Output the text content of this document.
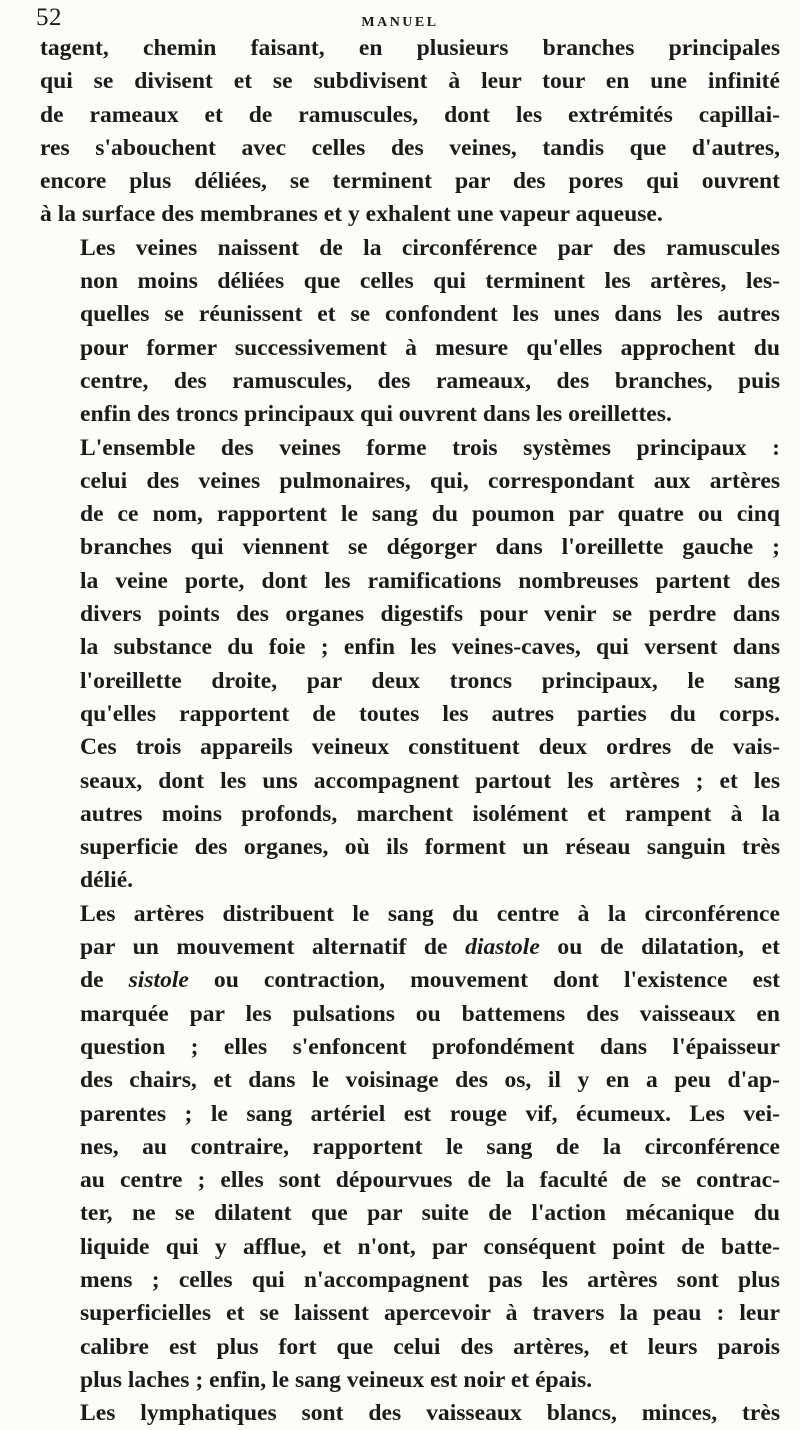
52	MANUEL

tagent, chemin faisant, en plusieurs branches principales
qui se divisent et se subdivisent à leur tour en une infinité
de rameaux et de ramuscules, dont les extrémités capillai-
res s'abouchent avec celles des veines, tandis que d'autres,
encore plus déliées, se terminent par des pores qui ouvrent
à la surface des membranes et y exhalent une vapeur aqueuse.

Les veines naissent de la circonférence par des ramuscules
non moins déliées que celles qui terminent les artères, les-
quelles se réunissent et se confondent les unes dans les autres
pour former successivement à mesure qu'elles approchent du
centre, des ramuscules, des rameaux, des branches, puis
enfin des troncs principaux qui ouvrent dans les oreillettes.

L'ensemble des veines forme trois systèmes principaux :
celui des veines pulmonaires, qui, correspondant aux artères
de ce nom, rapportent le sang du poumon par quatre ou cinq
branches qui viennent se dégorger dans l'oreillette gauche ;
la veine porte, dont les ramifications nombreuses partent des
divers points des organes digestifs pour venir se perdre dans
la substance du foie ; enfin les veines-caves, qui versent dans
l'oreillette droite, par deux troncs principaux, le sang
qu'elles rapportent de toutes les autres parties du corps.
Ces trois appareils veineux constituent deux ordres de vais-
seaux, dont les uns accompagnent partout les artères ; et les
autres moins profonds, marchent isolément et rampent à la
superficie des organes, où ils forment un réseau sanguin très
délié.

Les artères distribuent le sang du centre à la circonférence
par un mouvement alternatif de diastole ou de dilatation, et
de sistole ou contraction, mouvement dont l'existence est
marquée par les pulsations ou battemens des vaisseaux en
question ; elles s'enfoncent profondément dans l'épaisseur
des chairs, et dans le voisinage des os, il y en a peu d'ap-
parentes ; le sang artériel est rouge vif, écumeux. Les vei-
nes, au contraire, rapportent le sang de la circonférence
au centre ; elles sont dépourvues de la faculté de se contrac-
ter, ne se dilatent que par suite de l'action mécanique du
liquide qui y afflue, et n'ont, par conséquent point de batte-
mens ; celles qui n'accompagnent pas les artères sont plus
superficielles et se laissent apercevoir à travers la peau : leur
calibre est plus fort que celui des artères, et leurs parois
plus laches ; enfin, le sang veineux est noir et épais.

Les lymphatiques sont des vaisseaux blancs, minces, très
